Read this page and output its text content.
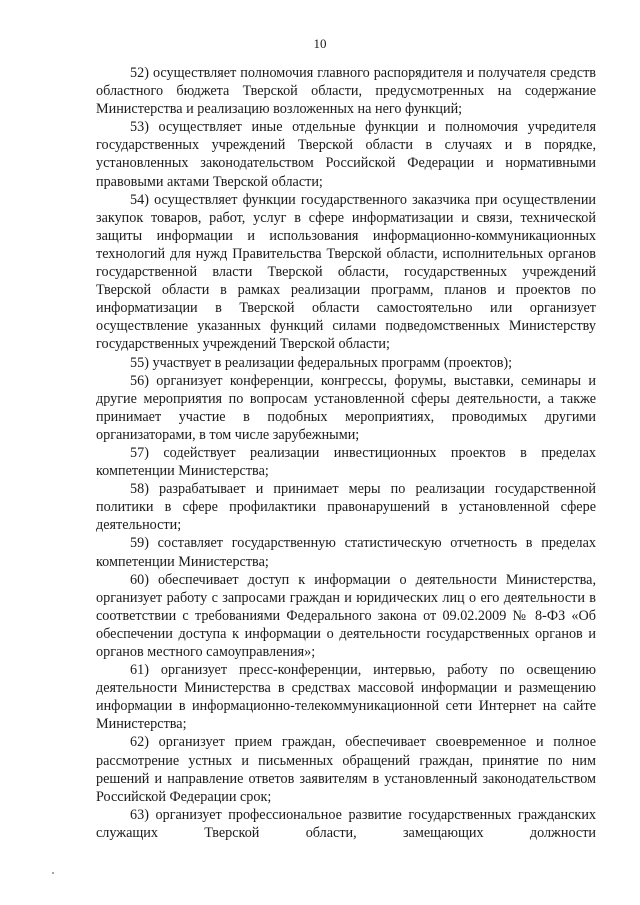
10

52) осуществляет полномочия главного распорядителя и получателя средств областного бюджета Тверской области, предусмотренных на содержание Министерства и реализацию возложенных на него функций;

53) осуществляет иные отдельные функции и полномочия учредителя государственных учреждений Тверской области в случаях и в порядке, установленных законодательством Российской Федерации и нормативными правовыми актами Тверской области;

54) осуществляет функции государственного заказчика при осуществлении закупок товаров, работ, услуг в сфере информатизации и связи, технической защиты информации и использования информационно-коммуникационных технологий для нужд Правительства Тверской области, исполнительных органов государственной власти Тверской области, государственных учреждений Тверской области в рамках реализации программ, планов и проектов по информатизации в Тверской области самостоятельно или организует осуществление указанных функций силами подведомственных Министерству государственных учреждений Тверской области;

55) участвует в реализации федеральных программ (проектов);

56) организует конференции, конгрессы, форумы, выставки, семинары и другие мероприятия по вопросам установленной сферы деятельности, а также принимает участие в подобных мероприятиях, проводимых другими организаторами, в том числе зарубежными;

57) содействует реализации инвестиционных проектов в пределах компетенции Министерства;

58) разрабатывает и принимает меры по реализации государственной политики в сфере профилактики правонарушений в установленной сфере деятельности;

59) составляет государственную статистическую отчетность в пределах компетенции Министерства;

60) обеспечивает доступ к информации о деятельности Министерства, организует работу с запросами граждан и юридических лиц о его деятельности в соответствии с требованиями Федерального закона от 09.02.2009 № 8-ФЗ «Об обеспечении доступа к информации о деятельности государственных органов и органов местного самоуправления»;

61) организует пресс-конференции, интервью, работу по освещению деятельности Министерства в средствах массовой информации и размещению информации в информационно-телекоммуникационной сети Интернет на сайте Министерства;

62) организует прием граждан, обеспечивает своевременное и полное рассмотрение устных и письменных обращений граждан, принятие по ним решений и направление ответов заявителям в установленный законодательством Российской Федерации срок;

63) организует профессиональное развитие государственных гражданских служащих Тверской области, замещающих должности
